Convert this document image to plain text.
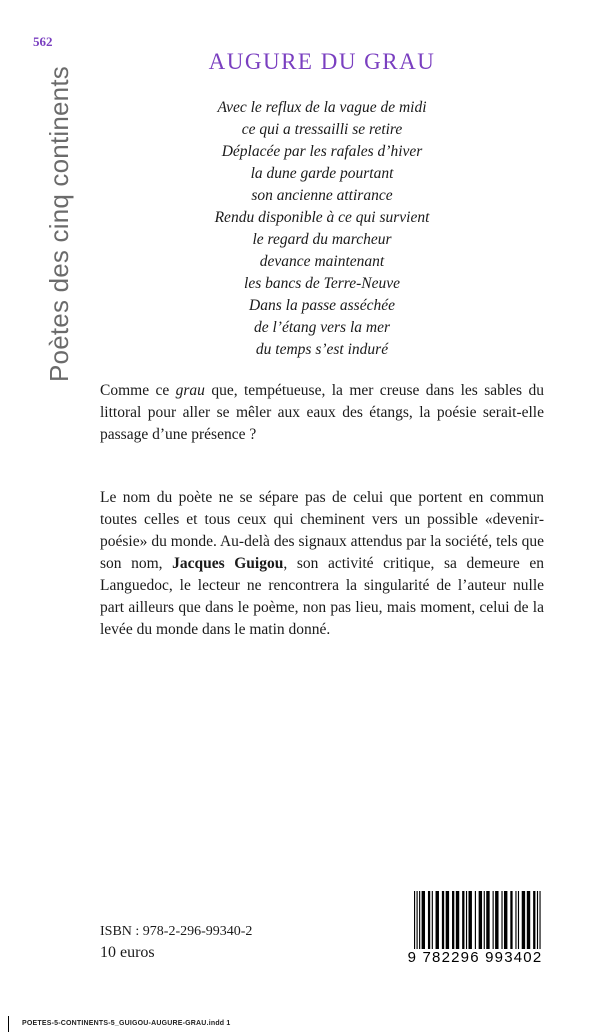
562
Poètes des cinq continents
AUGURE DU GRAU
Avec le reflux de la vague de midi
ce qui a tressailli se retire
Déplacée par les rafales d’hiver
la dune garde pourtant
son ancienne attirance
Rendu disponible à ce qui survient
le regard du marcheur
devance maintenant
les bancs de Terre-Neuve
Dans la passe asséchée
de l’étang vers la mer
du temps s’est induré

Comme ce grau que, tempétueuse, la mer creuse dans les sables du littoral pour aller se mêler aux eaux des étangs, la poésie serait-elle passage d’une présence ?

Le nom du poète ne se sépare pas de celui que portent en commun toutes celles et tous ceux qui cheminent vers un possible «devenir-poésie» du monde. Au-delà des signaux attendus par la société, tels que son nom, Jacques Guigou, son activité critique, sa demeure en Languedoc, le lecteur ne rencontrera la singularité de l’auteur nulle part ailleurs que dans le poème, non pas lieu, mais moment, celui de la levée du monde dans le matin donné.

ISBN : 978-2-296-99340-2
10 euros	9 782296 993402
POETES-5-CONTINENTS-5_GUIGOU-AUGURE-GRAU.indd 1
